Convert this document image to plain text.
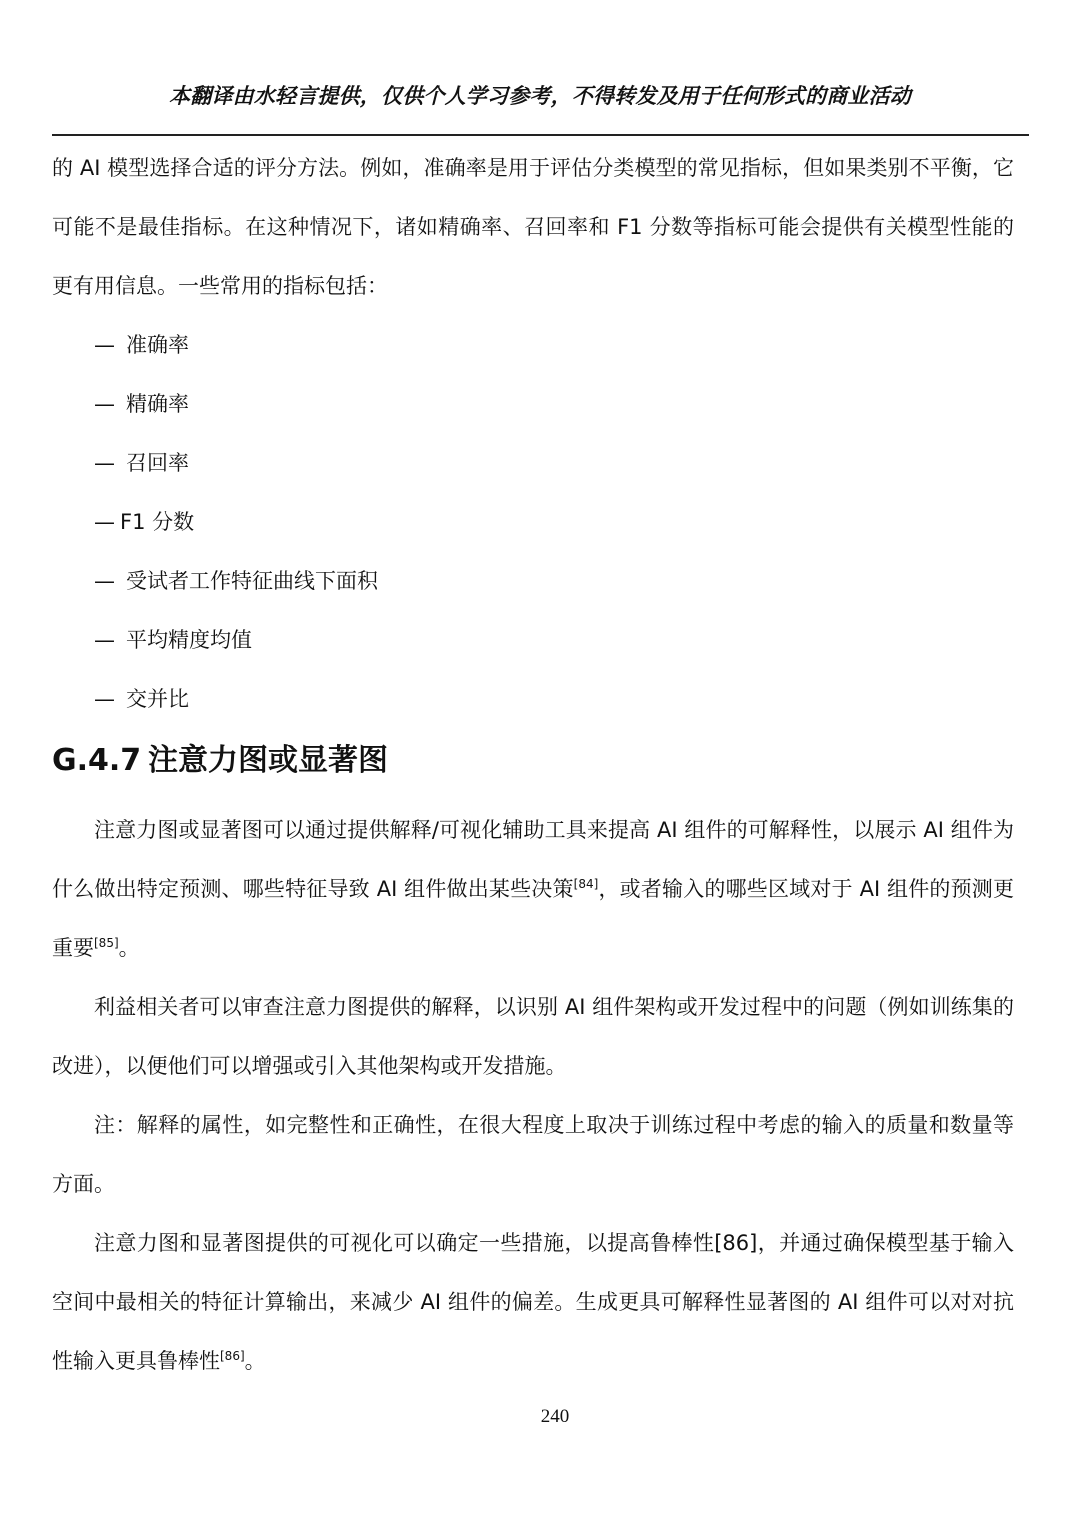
本翻译由水轻言提供，仅供个人学习参考，不得转发及用于任何形式的商业活动

的 AI 模型选择合适的评分方法。例如，准确率是用于评估分类模型的常见指标，但如果类别不平衡，它可能不是最佳指标。在这种情况下，诸如精确率、召回率和 F1 分数等指标可能会提供有关模型性能的更有用信息。一些常用的指标包括：

— 准确率
— 精确率
— 召回率
— F1 分数
— 受试者工作特征曲线下面积
— 平均精度均值
— 交并比
G.4.7 注意力图或显著图

注意力图或显著图可以通过提供解释/可视化辅助工具来提高 AI 组件的可解释性，以展示 AI 组件为什么做出特定预测、哪些特征导致 AI 组件做出某些决策[84]，或者输入的哪些区域对于 AI 组件的预测更重要[85]。

利益相关者可以审查注意力图提供的解释，以识别 AI 组件架构或开发过程中的问题（例如训练集的改进），以便他们可以增强或引入其他架构或开发措施。

注：解释的属性，如完整性和正确性，在很大程度上取决于训练过程中考虑的输入的质量和数量等方面。

注意力图和显著图提供的可视化可以确定一些措施，以提高鲁棒性[86]，并通过确保模型基于输入空间中最相关的特征计算输出，来减少 AI 组件的偏差。生成更具可解释性显著图的 AI 组件可以对对抗性输入更具鲁棒性[86]。

240
